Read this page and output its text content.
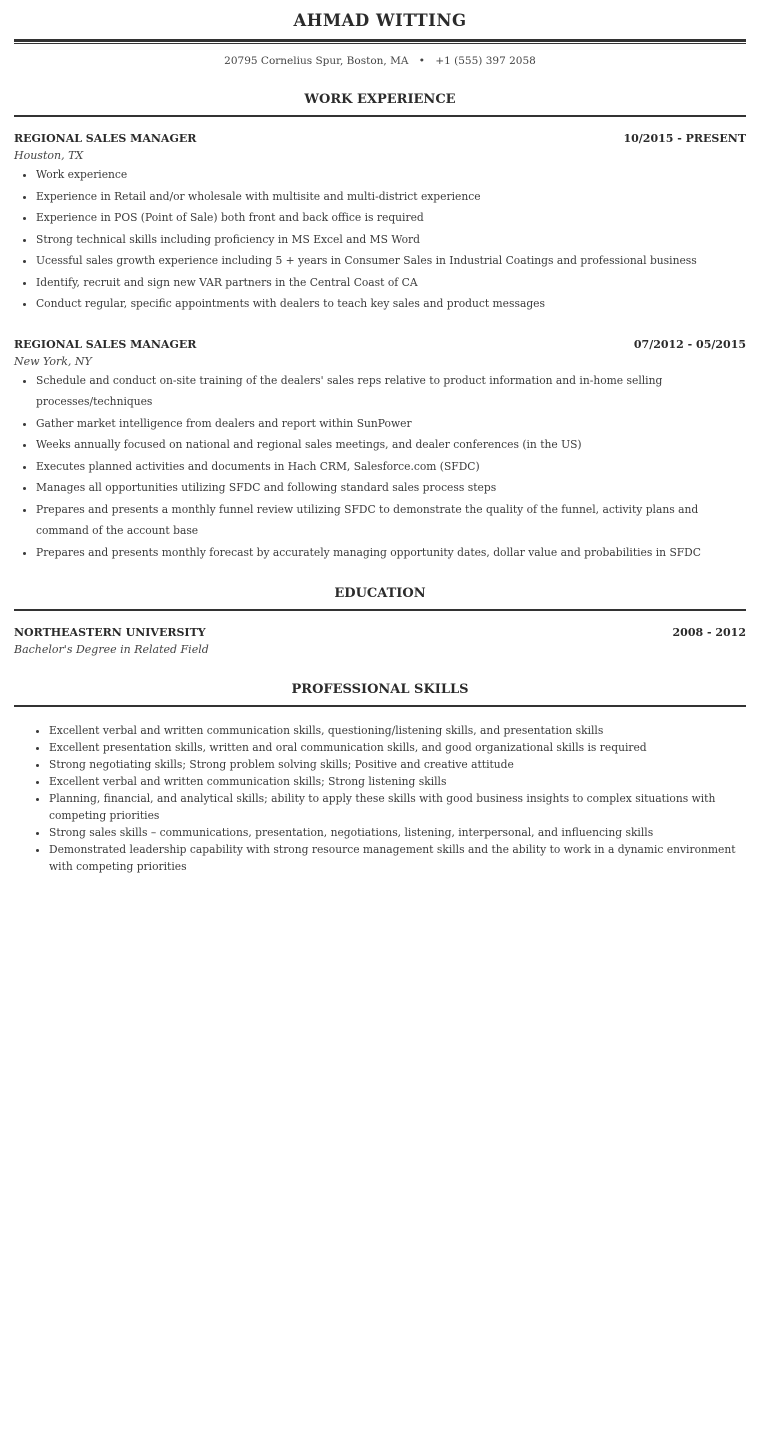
AHMAD WITTING
20795 Cornelius Spur, Boston, MA • +1 (555) 397 2058
WORK EXPERIENCE
REGIONAL SALES MANAGER	10/2015 - PRESENT
Houston, TX
• Work experience
• Experience in Retail and/or wholesale with multisite and multi-district experience
• Experience in POS (Point of Sale) both front and back office is required
• Strong technical skills including proficiency in MS Excel and MS Word
• Ucessful sales growth experience including 5 + years in Consumer Sales in Industrial Coatings and professional business
• Identify, recruit and sign new VAR partners in the Central Coast of CA
• Conduct regular, specific appointments with dealers to teach key sales and product messages
REGIONAL SALES MANAGER	07/2012 - 05/2015
New York, NY
• Schedule and conduct on-site training of the dealers' sales reps relative to product information and in-home selling processes/techniques
• Gather market intelligence from dealers and report within SunPower
• Weeks annually focused on national and regional sales meetings, and dealer conferences (in the US)
• Executes planned activities and documents in Hach CRM, Salesforce.com (SFDC)
• Manages all opportunities utilizing SFDC and following standard sales process steps
• Prepares and presents a monthly funnel review utilizing SFDC to demonstrate the quality of the funnel, activity plans and command of the account base
• Prepares and presents monthly forecast by accurately managing opportunity dates, dollar value and probabilities in SFDC
EDUCATION
NORTHEASTERN UNIVERSITY	2008 - 2012
Bachelor's Degree in Related Field
PROFESSIONAL SKILLS
• Excellent verbal and written communication skills, questioning/listening skills, and presentation skills
• Excellent presentation skills, written and oral communication skills, and good organizational skills is required
• Strong negotiating skills; Strong problem solving skills; Positive and creative attitude
• Excellent verbal and written communication skills; Strong listening skills
• Planning, financial, and analytical skills; ability to apply these skills with good business insights to complex situations with competing priorities
• Strong sales skills – communications, presentation, negotiations, listening, interpersonal, and influencing skills
• Demonstrated leadership capability with strong resource management skills and the ability to work in a dynamic environment with competing priorities
